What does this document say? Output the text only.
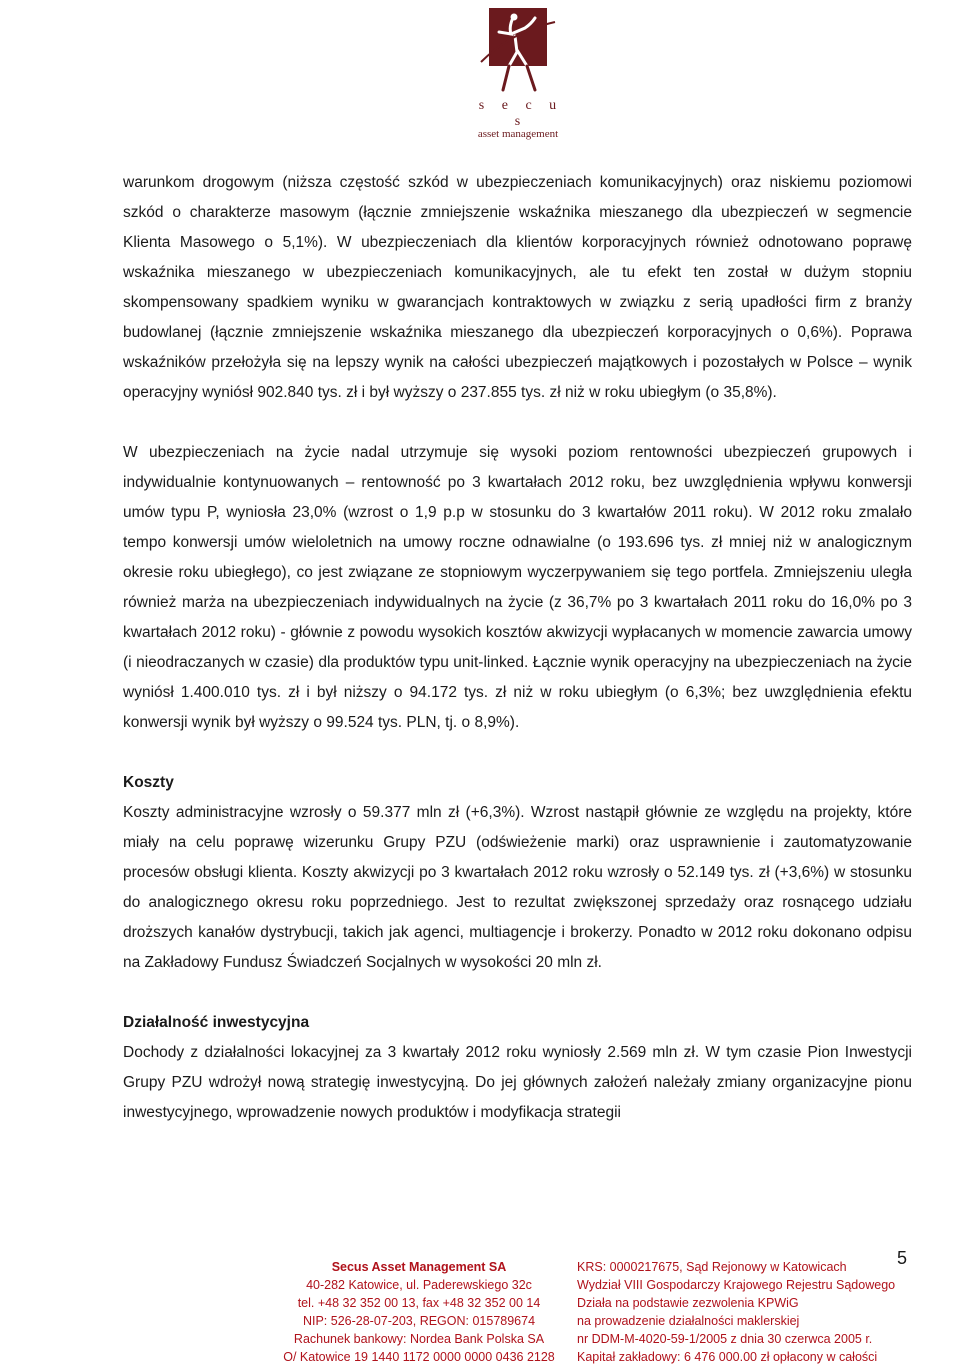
s e c u s
asset management

warunkom drogowym (niższa częstość szkód w ubezpieczeniach komunikacyjnych) oraz niskiemu poziomowi szkód o charakterze masowym (łącznie zmniejszenie wskaźnika mieszanego dla ubezpieczeń w segmencie Klienta Masowego o 5,1%). W ubezpieczeniach dla klientów korporacyjnych również odnotowano poprawę wskaźnika mieszanego w ubezpieczeniach komunikacyjnych, ale tu efekt ten został w dużym stopniu skompensowany spadkiem wyniku w gwarancjach kontraktowych w związku z serią upadłości firm z branży budowlanej (łącznie zmniejszenie wskaźnika mieszanego dla ubezpieczeń korporacyjnych o 0,6%). Poprawa wskaźników przełożyła się na lepszy wynik na całości ubezpieczeń majątkowych i pozostałych w Polsce – wynik operacyjny wyniósł 902.840 tys. zł i był wyższy o 237.855 tys. zł niż w roku ubiegłym (o 35,8%).

W ubezpieczeniach na życie nadal utrzymuje się wysoki poziom rentowności ubezpieczeń grupowych i indywidualnie kontynuowanych – rentowność po 3 kwartałach 2012 roku, bez uwzględnienia wpływu konwersji umów typu P, wyniosła 23,0% (wzrost o 1,9 p.p w stosunku do 3 kwartałów 2011 roku). W 2012 roku zmalało tempo konwersji umów wieloletnich na umowy roczne odnawialne (o 193.696 tys. zł mniej niż w analogicznym okresie roku ubiegłego), co jest związane ze stopniowym wyczerpywaniem się tego portfela. Zmniejszeniu uległa również marża na ubezpieczeniach indywidualnych na życie (z 36,7% po 3 kwartałach 2011 roku do 16,0% po 3 kwartałach 2012 roku) - głównie z powodu wysokich kosztów akwizycji wypłacanych w momencie zawarcia umowy (i nieodraczanych w czasie) dla produktów typu unit-linked. Łącznie wynik operacyjny na ubezpieczeniach na życie wyniósł 1.400.010 tys. zł i był niższy o 94.172 tys. zł niż w roku ubiegłym (o 6,3%; bez uwzględnienia efektu konwersji wynik był wyższy o 99.524 tys. PLN, tj. o 8,9%).

Koszty

Koszty administracyjne wzrosły o 59.377 mln zł (+6,3%). Wzrost nastąpił głównie ze względu na projekty, które miały na celu poprawę wizerunku Grupy PZU (odświeżenie marki) oraz usprawnienie i zautomatyzowanie procesów obsługi klienta. Koszty akwizycji po 3 kwartałach 2012 roku wzrosły o 52.149 tys. zł (+3,6%) w stosunku do analogicznego okresu roku poprzedniego. Jest to rezultat zwiększonej sprzedaży oraz rosnącego udziału droższych kanałów dystrybucji, takich jak agenci, multiagencje i brokerzy. Ponadto w 2012 roku dokonano odpisu na Zakładowy Fundusz Świadczeń Socjalnych w wysokości 20 mln zł.

Działalność inwestycyjna

Dochody z działalności lokacyjnej za 3 kwartały 2012 roku wyniosły 2.569 mln zł. W tym czasie Pion Inwestycji Grupy PZU wdrożył nową strategię inwestycyjną. Do jej głównych założeń należały zmiany organizacyjne pionu inwestycyjnego, wprowadzenie nowych produktów i modyfikacja strategii

5
Secus Asset Management SA
40-282 Katowice, ul. Paderewskiego 32c
tel. +48 32 352 00 13, fax +48 32 352 00 14
NIP: 526-28-07-203, REGON: 015789674
Rachunek bankowy: Nordea Bank Polska SA
O/ Katowice 19 1440 1172 0000 0000 0436 2128
KRS: 0000217675, Sąd Rejonowy w Katowicach
Wydział VIII Gospodarczy Krajowego Rejestru Sądowego
Działa na podstawie zezwolenia KPWiG
na prowadzenie działalności maklerskiej
nr DDM-M-4020-59-1/2005 z dnia 30 czerwca 2005 r.
Kapitał zakładowy: 6 476 000.00 zł opłacony w całości
